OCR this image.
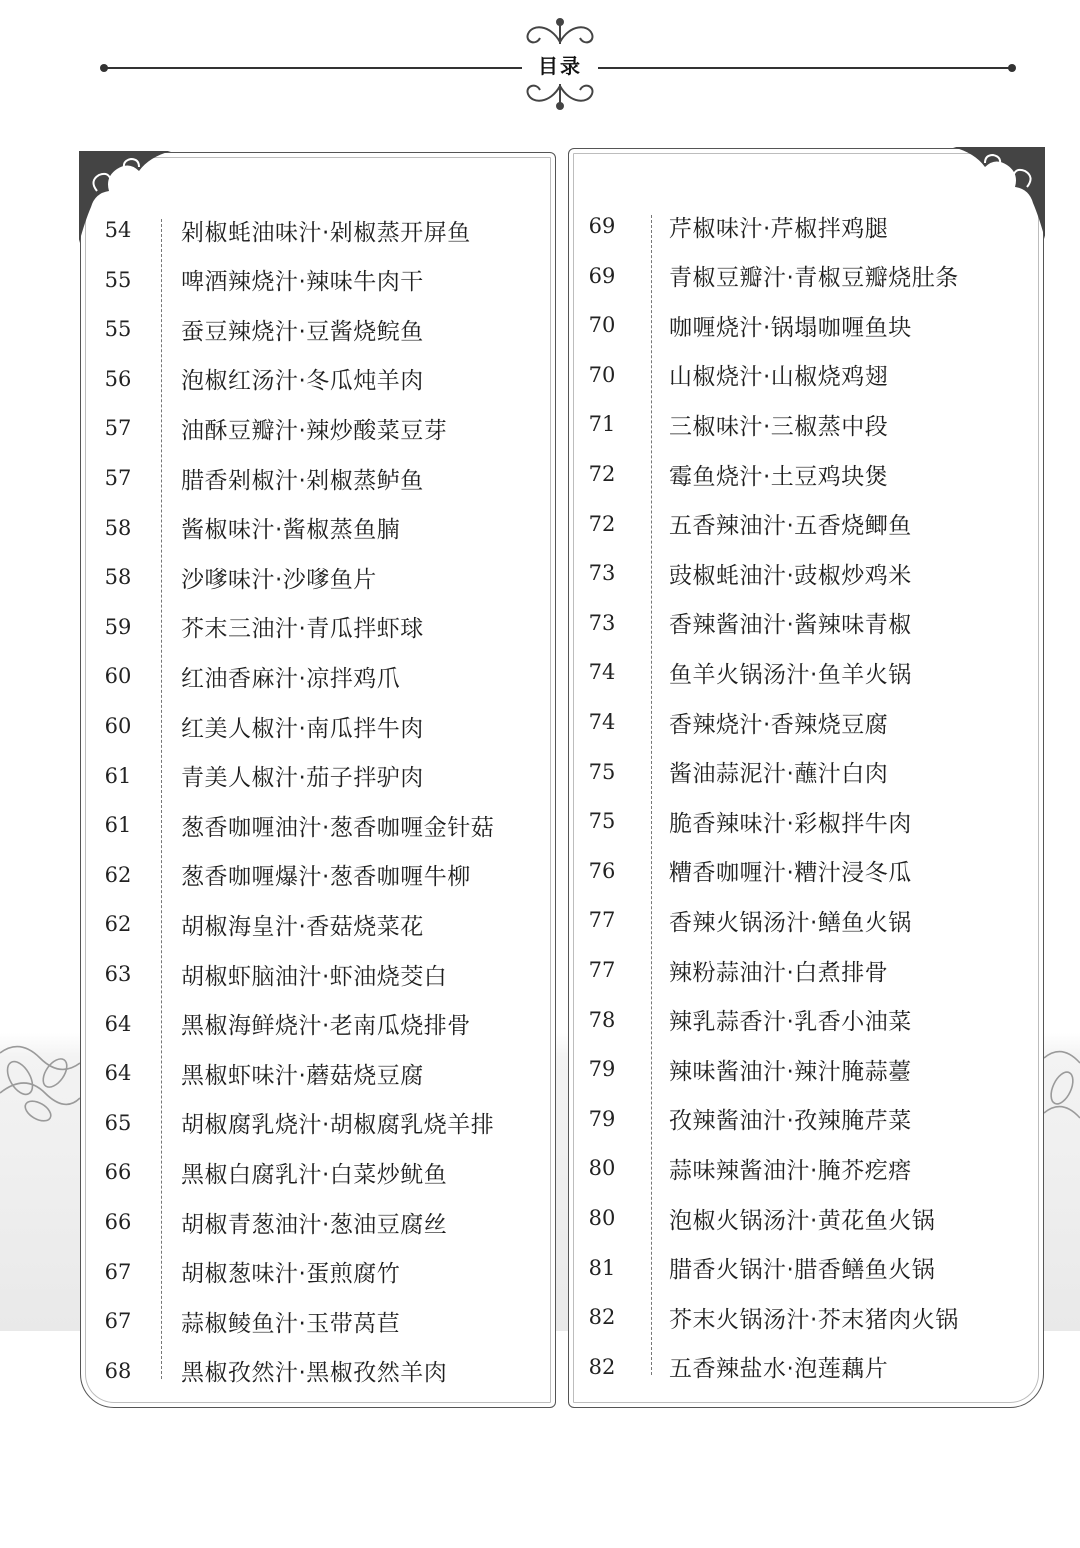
目录
54	剁椒蚝油味汁·剁椒蒸开屏鱼
55	啤酒辣烧汁·辣味牛肉干
55	蚕豆辣烧汁·豆酱烧鲩鱼
56	泡椒红汤汁·冬瓜炖羊肉
57	油酥豆瓣汁·辣炒酸菜豆芽
57	腊香剁椒汁·剁椒蒸鲈鱼
58	酱椒味汁·酱椒蒸鱼腩
58	沙嗲味汁·沙嗲鱼片
59	芥末三油汁·青瓜拌虾球
60	红油香麻汁·凉拌鸡爪
60	红美人椒汁·南瓜拌牛肉
61	青美人椒汁·茄子拌驴肉
61	葱香咖喱油汁·葱香咖喱金针菇
62	葱香咖喱爆汁·葱香咖喱牛柳
62	胡椒海皇汁·香菇烧菜花
63	胡椒虾脑油汁·虾油烧茭白
64	黑椒海鲜烧汁·老南瓜烧排骨
64	黑椒虾味汁·蘑菇烧豆腐
65	胡椒腐乳烧汁·胡椒腐乳烧羊排
66	黑椒白腐乳汁·白菜炒鱿鱼
66	胡椒青葱油汁·葱油豆腐丝
67	胡椒葱味汁·蛋煎腐竹
67	蒜椒鲮鱼汁·玉带莴苣
68	黑椒孜然汁·黑椒孜然羊肉
69	芹椒味汁·芹椒拌鸡腿
69	青椒豆瓣汁·青椒豆瓣烧肚条
70	咖喱烧汁·锅塌咖喱鱼块
70	山椒烧汁·山椒烧鸡翅
71	三椒味汁·三椒蒸中段
72	霉鱼烧汁·土豆鸡块煲
72	五香辣油汁·五香烧鲫鱼
73	豉椒蚝油汁·豉椒炒鸡米
73	香辣酱油汁·酱辣味青椒
74	鱼羊火锅汤汁·鱼羊火锅
74	香辣烧汁·香辣烧豆腐
75	酱油蒜泥汁·蘸汁白肉
75	脆香辣味汁·彩椒拌牛肉
76	糟香咖喱汁·糟汁浸冬瓜
77	香辣火锅汤汁·鳝鱼火锅
77	辣粉蒜油汁·白煮排骨
78	辣乳蒜香汁·乳香小油菜
79	辣味酱油汁·辣汁腌蒜薹
79	孜辣酱油汁·孜辣腌芹菜
80	蒜味辣酱油汁·腌芥疙瘩
80	泡椒火锅汤汁·黄花鱼火锅
81	腊香火锅汁·腊香鳝鱼火锅
82	芥末火锅汤汁·芥末猪肉火锅
82	五香辣盐水·泡莲藕片
